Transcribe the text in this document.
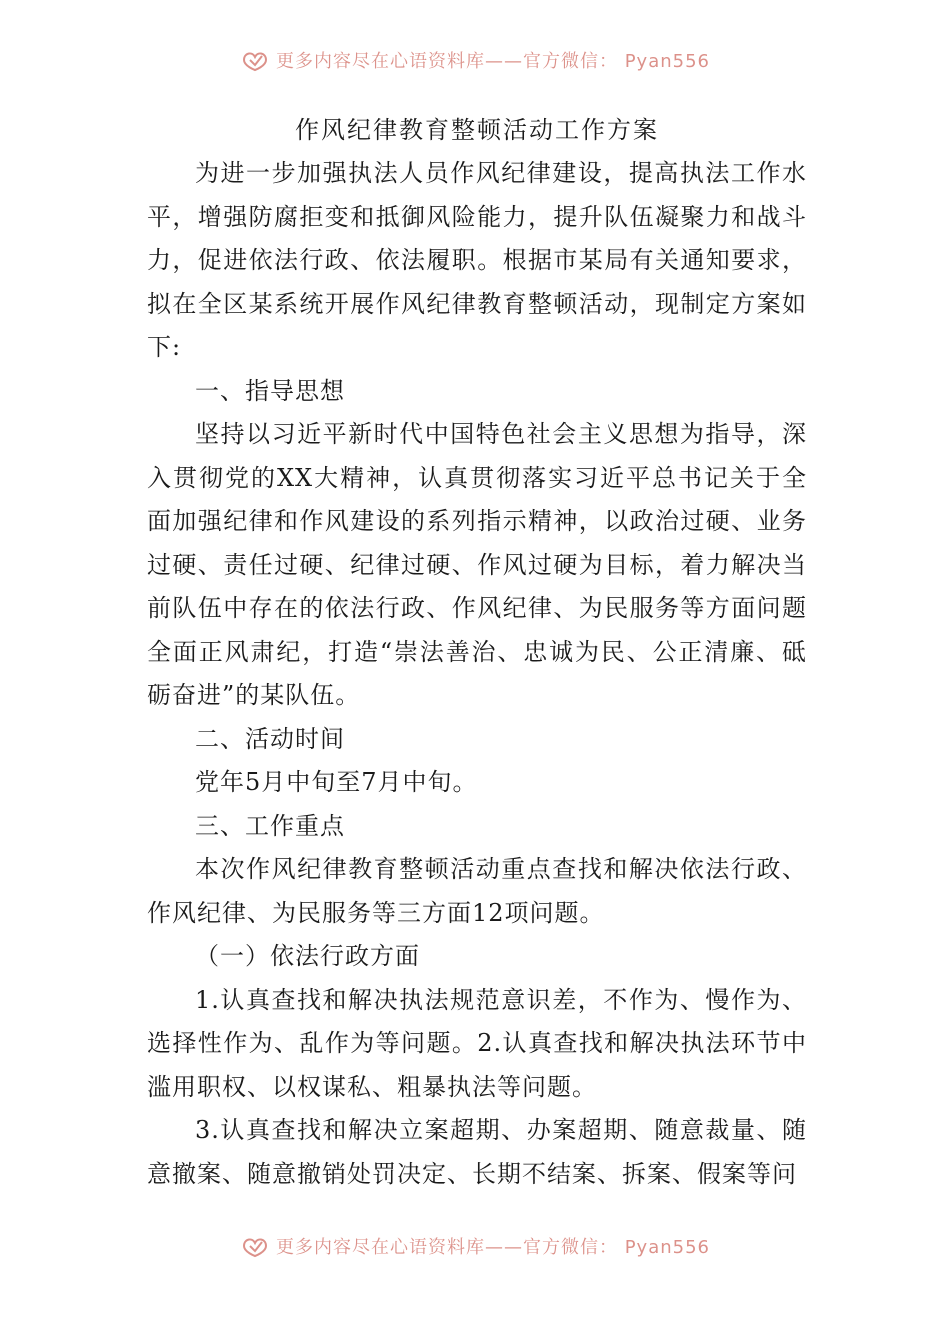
更多内容尽在心语资料库——官方微信： Pyan556
作风纪律教育整顿活动工作方案

为进一步加强执法人员作风纪律建设，提高执法工作水平，增强防腐拒变和抵御风险能力，提升队伍凝聚力和战斗力，促进依法行政、依法履职。根据市某局有关通知要求，拟在全区某系统开展作风纪律教育整顿活动，现制定方案如下:

一、指导思想

坚持以习近平新时代中国特色社会主义思想为指导，深入贯彻党的XX大精神，认真贯彻落实习近平总书记关于全面加强纪律和作风建设的系列指示精神，以政治过硬、业务过硬、责任过硬、纪律过硬、作风过硬为目标，着力解决当前队伍中存在的依法行政、作风纪律、为民服务等方面问题全面正风肃纪，打造“崇法善治、忠诚为民、公正清廉、砥砺奋进”的某队伍。

二、活动时间

党年5月中旬至7月中旬。

三、工作重点

本次作风纪律教育整顿活动重点查找和解决依法行政、作风纪律、为民服务等三方面12项问题。

（一）依法行政方面

1.认真查找和解决执法规范意识差，不作为、慢作为、选择性作为、乱作为等问题。2.认真查找和解决执法环节中滥用职权、以权谋私、粗暴执法等问题。

3.认真查找和解决立案超期、办案超期、随意裁量、随意撤案、随意撤销处罚决定、长期不结案、拆案、假案等问

更多内容尽在心语资料库——官方微信： Pyan556
